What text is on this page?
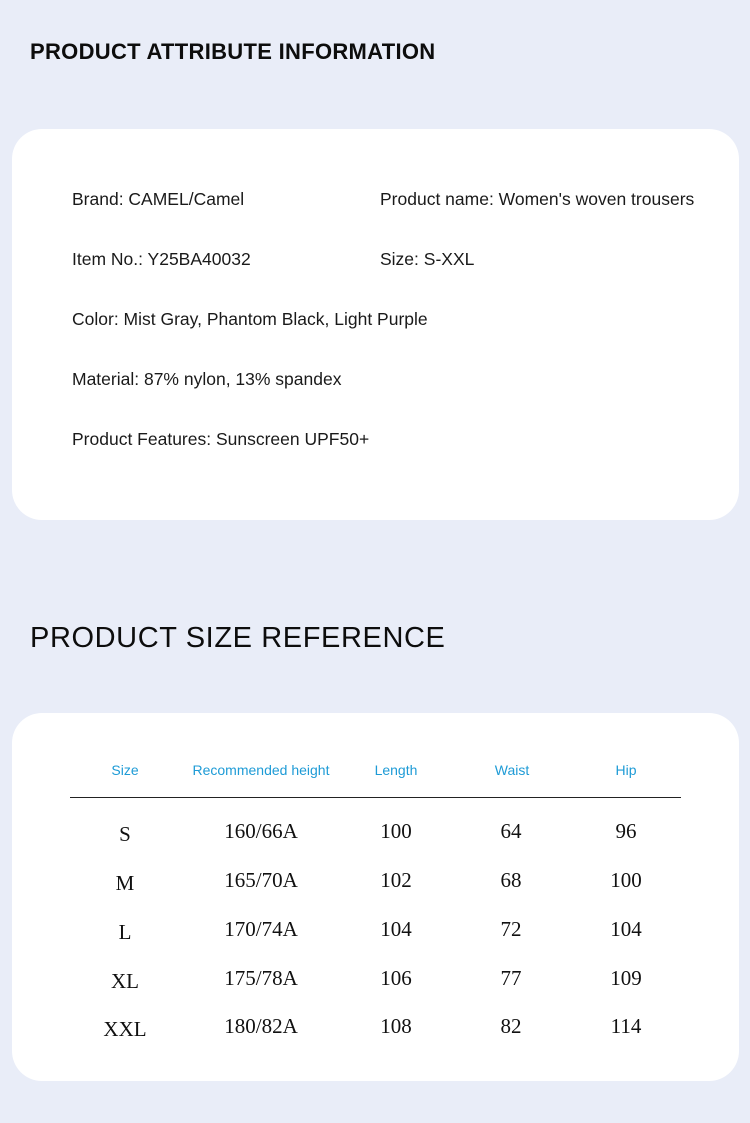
PRODUCT ATTRIBUTE INFORMATION
Brand: CAMEL/Camel	Product name: Women's woven trousers
Item No.: Y25BA40032	Size: S-XXL
Color: Mist Gray, Phantom Black, Light Purple
Material: 87% nylon, 13% spandex
Product Features: Sunscreen UPF50+
PRODUCT SIZE REFERENCE
Size	Recommended height	Length	Waist	Hip
S	160/66A	100	64	96
M	165/70A	102	68	100
L	170/74A	104	72	104
XL	175/78A	106	77	109
XXL	180/82A	108	82	114
